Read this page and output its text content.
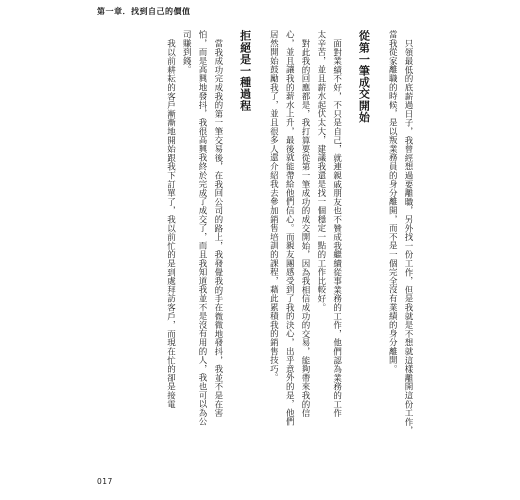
第一章．找到自己的價值
只領最低的底薪過日子，我曾經想過要離職，另外找一份工作，但是我就是不想就這樣離開這份工作，
當我從家離職的時候，是以叛業務員的身分離開，而不是一個完全沒有業績的身分離開。
從第一筆成交開始
面對業績不好，不只是自己，就連親戚朋友也不贊成我繼續從事業務的工作，他們認為業務的工作
太辛苦，並且薪水起伏太大，建議我還是找一個穩定一點的工作比較好。
對此我的回應都是，我打算要從第一筆成功的成交開始，因為我相信成功的交易，能夠帶來我的信
心，並且讓我的薪水上升，最後就能帶給他們信心。而親友團感受到了我的決心，出乎意外的是，他們
居然開始鼓勵我了，並且很多人還介紹我去參加銷售培訓的課程，藉此累積我的銷售技巧。
拒絕是一種過程
當我成功完成我的第一筆交易後，在我回公司的路上，我發覺我的手在微微地發抖，我並不是在害
怕，而是高興地發抖，我很高興我終於完成了成交了，而且我知道我並不是沒有用的人，我也可以為公
司賺到錢。
我以前耕耘的客戶漸漸地開始跟我下訂單了，我以前忙的是到處拜訪客戶，而現在忙的卻是接電
017
